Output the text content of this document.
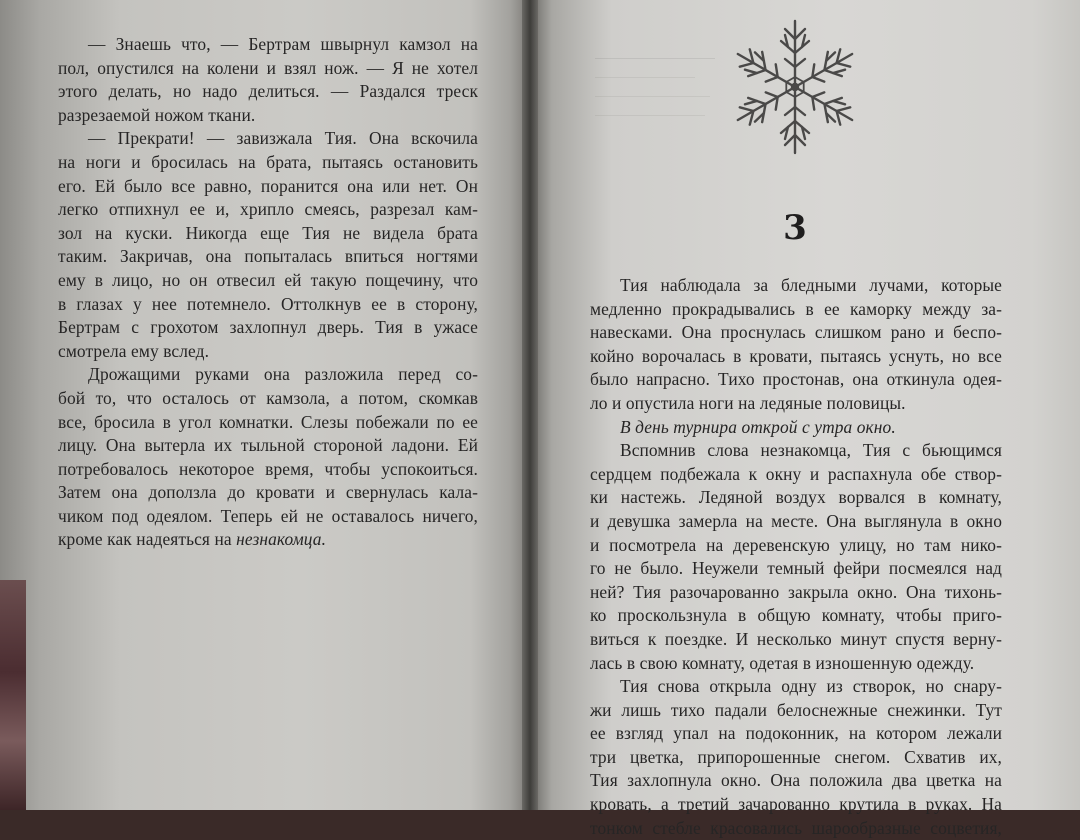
3
— Знаешь что, — Бертрам швырнул камзол на
пол, опустился на колени и взял нож. — Я не хотел
этого делать, но надо делиться. — Раздался треск
разрезаемой ножом ткани.
— Прекрати! — завизжала Тия. Она вскочила
на ноги и бросилась на брата, пытаясь остановить
его. Ей было все равно, поранится она или нет. Он
легко отпихнул ее и, хрипло смеясь, разрезал кам-
зол на куски. Никогда еще Тия не видела брата
таким. Закричав, она попыталась впиться ногтями
ему в лицо, но он отвесил ей такую пощечину, что
в глазах у нее потемнело. Оттолкнув ее в сторону,
Бертрам с грохотом захлопнул дверь. Тия в ужасе
смотрела ему вслед.
Дрожащими руками она разложила перед со-
бой то, что осталось от камзола, а потом, скомкав
все, бросила в угол комнатки. Слезы побежали по ее
лицу. Она вытерла их тыльной стороной ладони. Ей
потребовалось некоторое время, чтобы успокоиться.
Затем она доползла до кровати и свернулась кала-
чиком под одеялом. Теперь ей не оставалось ничего,
кроме как надеяться на незнакомца.
Тия наблюдала за бледными лучами, которые
медленно прокрадывались в ее каморку между за-
навесками. Она проснулась слишком рано и беспо-
койно ворочалась в кровати, пытаясь уснуть, но все
было напрасно. Тихо простонав, она откинула одея-
ло и опустила ноги на ледяные половицы.
В день турнира открой с утра окно.
Вспомнив слова незнакомца, Тия с бьющимся
сердцем подбежала к окну и распахнула обе створ-
ки настежь. Ледяной воздух ворвался в комнату,
и девушка замерла на месте. Она выглянула в окно
и посмотрела на деревенскую улицу, но там нико-
го не было. Неужели темный фейри посмеялся над
ней? Тия разочарованно закрыла окно. Она тихонь-
ко проскользнула в общую комнату, чтобы приго-
виться к поездке. И несколько минут спустя верну-
лась в свою комнату, одетая в изношенную одежду.
Тия снова открыла одну из створок, но снару-
жи лишь тихо падали белоснежные снежинки. Тут
ее взгляд упал на подоконник, на котором лежали
три цветка, припорошенные снегом. Схватив их,
Тия захлопнула окно. Она положила два цветка на
кровать, а третий зачарованно крутила в руках. На
тонком стебле красовались шарообразные соцветия,
